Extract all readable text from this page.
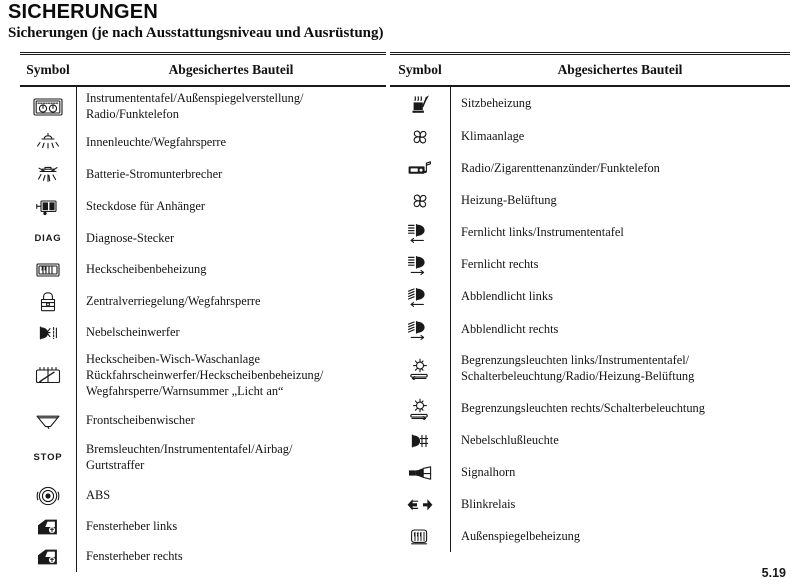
SICHERUNGEN

Sicherungen (je nach Ausstattungsniveau und Ausrüstung)

Symbol	Abgesichertes Bauteil
Instrumententafel/Außenspiegelverstellung/
Radio/Funktelefon
Innenleuchte/Wegfahrsperre
Batterie-Stromunterbrecher
Steckdose für Anhänger
DIAG Diagnose-Stecker
Heckscheibenbeheizung
Zentralverriegelung/Wegfahrsperre
Nebelscheinwerfer
Heckscheiben-Wisch-Waschanlage
Rückfahrscheinwerfer/Heckscheibenbeheizung/
Wegfahrsperre/Warnsummer „Licht an“
Frontscheibenwischer
STOP
Bremsleuchten/Instrumententafel/Airbag/
Gurtstraffer
ABS
Fensterheber links
Fensterheber rechts
Symbol	Abgesichertes Bauteil
Sitzbeheizung
Klimaanlage
Radio/Zigarenttenanzünder/Funktelefon
Heizung-Belüftung
Fernlicht links/Instrumententafel
Fernlicht rechts
Abblendlicht links
Abblendlicht rechts
Begrenzungsleuchten links/Instrumententafel/
Schalterbeleuchtung/Radio/Heizung-Belüftung
Begrenzungsleuchten rechts/Schalterbeleuchtung
Nebelschlußleuchte
Signalhorn
Blinkrelais
Außenspiegelbeheizung
5.19
